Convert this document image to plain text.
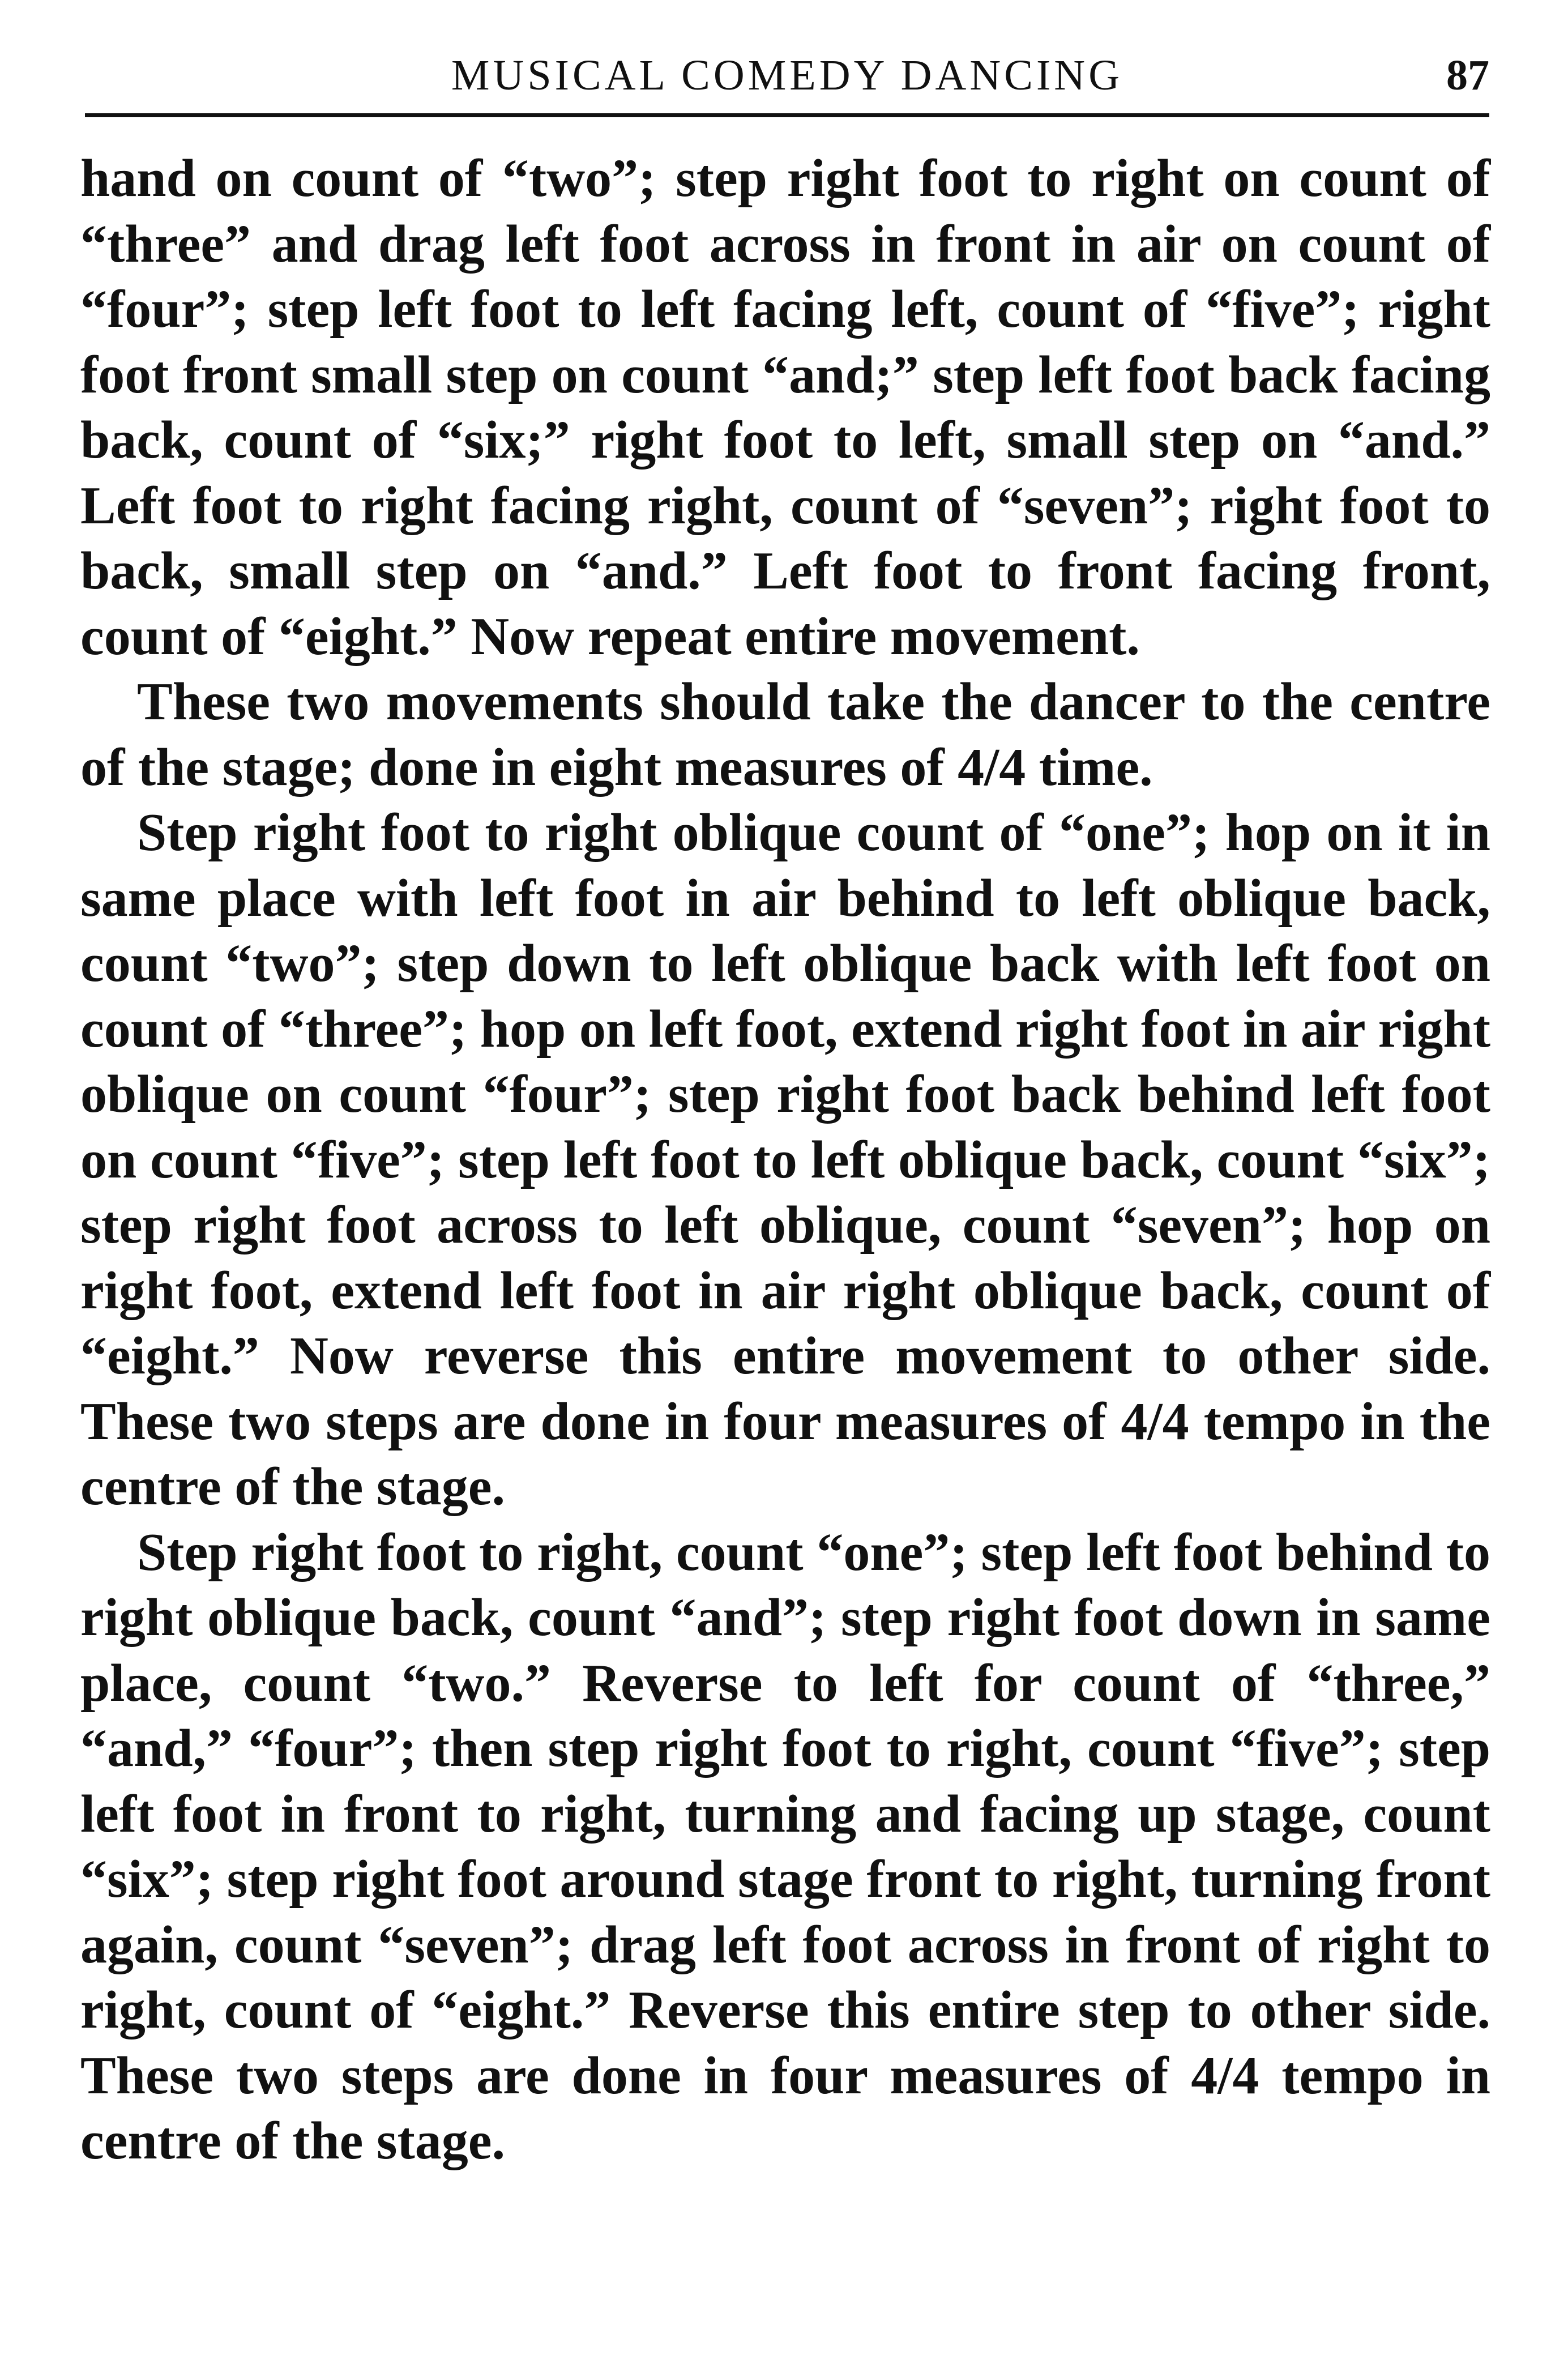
MUSICAL COMEDY DANCING	87

hand on count of “two”; step right foot to right on count of “three” and drag left foot across in front in air on count of “four”; step left foot to left facing left, count of “five”; right foot front small step on count “and;” step left foot back facing back, count of “six;” right foot to left, small step on “and.” Left foot to right facing right, count of “seven”; right foot to back, small step on “and.” Left foot to front facing front, count of “eight.” Now repeat entire movement.

These two movements should take the dancer to the centre of the stage; done in eight measures of 4/4 time.

Step right foot to right oblique count of “one”; hop on it in same place with left foot in air behind to left oblique back, count “two”; step down to left oblique back with left foot on count of “three”; hop on left foot, extend right foot in air right oblique on count “four”; step right foot back behind left foot on count “five”; step left foot to left oblique back, count “six”; step right foot across to left oblique, count “seven”; hop on right foot, extend left foot in air right oblique back, count of “eight.” Now reverse this entire movement to other side. These two steps are done in four measures of 4/4 tempo in the centre of the stage.

Step right foot to right, count “one”; step left foot behind to right oblique back, count “and”; step right foot down in same place, count “two.” Reverse to left for count of “three,” “and,” “four”; then step right foot to right, count “five”; step left foot in front to right, turning and facing up stage, count “six”; step right foot around stage front to right, turning front again, count “seven”; drag left foot across in front of right to right, count of “eight.” Reverse this entire step to other side. These two steps are done in four measures of 4/4 tempo in centre of the stage.
